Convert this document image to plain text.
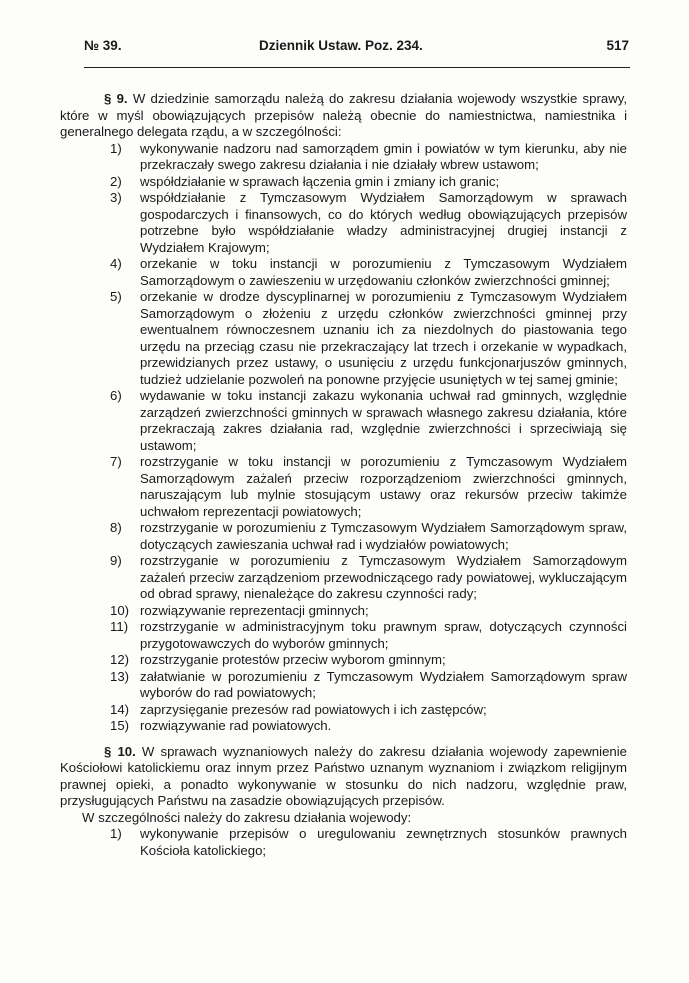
№ 39.	Dziennik Ustaw. Poz. 234.	517

§ 9. W dziedzinie samorządu należą do zakresu działania wojewody wszystkie sprawy, które w myśl obowiązujących przepisów należą obecnie do namiestnictwa, namiestnika i generalnego delegata rządu, a w szczególności:

1)	wykonywanie nadzoru nad samorządem gmin i powiatów w tym kierunku, aby nie przekraczały swego zakresu działania i nie działały wbrew ustawom;
2)	współdziałanie w sprawach łączenia gmin i zmiany ich granic;
3)	współdziałanie z Tymczasowym Wydziałem Samorządowym w sprawach gospodarczych i finansowych, co do których według obowiązujących przepisów potrzebne było współdziałanie władzy administracyjnej drugiej instancji z Wydziałem Krajowym;
4)	orzekanie w toku instancji w porozumieniu z Tymczasowym Wydziałem Samorządowym o zawieszeniu w urzędowaniu członków zwierzchności gminnej;
5)	orzekanie w drodze dyscyplinarnej w porozumieniu z Tymczasowym Wydziałem Samorządowym o złożeniu z urzędu członków zwierzchności gminnej przy ewentualnem równoczesnem uznaniu ich za niezdolnych do piastowania tego urzędu na przeciąg czasu nie przekraczający lat trzech i orzekanie w wypadkach, przewidzianych przez ustawy, o usunięciu z urzędu funkcjonarjuszów gminnych, tudzież udzielanie pozwoleń na ponowne przyjęcie usuniętych w tej samej gminie;
6)	wydawanie w toku instancji zakazu wykonania uchwał rad gminnych, względnie zarządzeń zwierzchności gminnych w sprawach własnego zakresu działania, które przekraczają zakres działania rad, względnie zwierzchności i sprzeciwiają się ustawom;
7)	rozstrzyganie w toku instancji w porozumieniu z Tymczasowym Wydziałem Samorządowym zażaleń przeciw rozporządzeniom zwierzchności gminnych, naruszającym lub mylnie stosującym ustawy oraz rekursów przeciw takimże uchwałom reprezentacji powiatowych;
8)	rozstrzyganie w porozumieniu z Tymczasowym Wydziałem Samorządowym spraw, dotyczących zawieszania uchwał rad i wydziałów powiatowych;
9)	rozstrzyganie w porozumieniu z Tymczasowym Wydziałem Samorządowym zażaleń przeciw zarządzeniom przewodniczącego rady powiatowej, wykluczającym od obrad sprawy, nienależące do zakresu czynności rady;
10) rozwiązywanie reprezentacji gminnych;
11) rozstrzyganie w administracyjnym toku prawnym spraw, dotyczących czynności przygotowawczych do wyborów gminnych;
12) rozstrzyganie protestów przeciw wyborom gminnym;
13) załatwianie w porozumieniu z Tymczasowym Wydziałem Samorządowym spraw wyborów do rad powiatowych;
14) zaprzysięganie prezesów rad powiatowych i ich zastępców;
15) rozwiązywanie rad powiatowych.

§ 10. W sprawach wyznaniowych należy do zakresu działania wojewody zapewnienie Kościołowi katolickiemu oraz innym przez Państwo uznanym wyznaniom i związkom religijnym prawnej opieki, a ponadto wykonywanie w stosunku do nich nadzoru, względnie praw, przysługujących Państwu na zasadzie obowiązujących przepisów.

W szczególności należy do zakresu działania wojewody:

1)	wykonywanie przepisów o uregulowaniu zewnętrznych stosunków prawnych Kościoła katolickiego;
